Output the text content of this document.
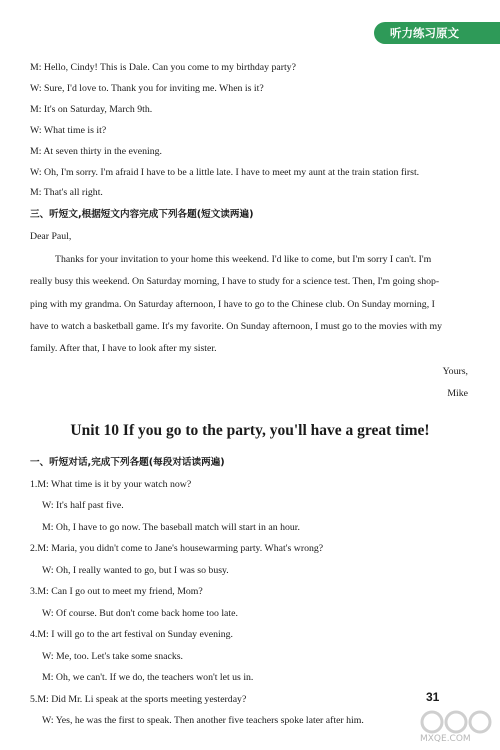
听力练习原文
M: Hello, Cindy! This is Dale. Can you come to my birthday party?
W: Sure, I'd love to. Thank you for inviting me. When is it?
M: It's on Saturday, March 9th.
W: What time is it?
M: At seven thirty in the evening.
W: Oh, I'm sorry. I'm afraid I have to be a little late. I have to meet my aunt at the train station first.
M: That's all right.
三、听短文,根据短文内容完成下列各题(短文读两遍)
Dear Paul,
Thanks for your invitation to your home this weekend. I'd like to come, but I'm sorry I can't. I'm
really busy this weekend. On Saturday morning, I have to study for a science test. Then, I'm going shop-
ping with my grandma. On Saturday afternoon, I have to go to the Chinese club. On Sunday morning, I
have to watch a basketball game. It's my favorite. On Sunday afternoon, I must go to the movies with my
family. After that, I have to look after my sister.
Yours,
Mike
Unit 10 If you go to the party, you'll have a great time!
一、听短对话,完成下列各题(每段对话读两遍)
1.M: What time is it by your watch now?
W: It's half past five.
M: Oh, I have to go now. The baseball match will start in an hour.
2.M: Maria, you didn't come to Jane's housewarming party. What's wrong?
W: Oh, I really wanted to go, but I was so busy.
3.M: Can I go out to meet my friend, Mom?
W: Of course. But don't come back home too late.
4.M: I will go to the art festival on Sunday evening.
W: Me, too. Let's take some snacks.
M: Oh, we can't. If we do, the teachers won't let us in.
5.M: Did Mr. Li speak at the sports meeting yesterday?
W: Yes, he was the first to speak. Then another five teachers spoke later after him.
31
MXQE.COM
